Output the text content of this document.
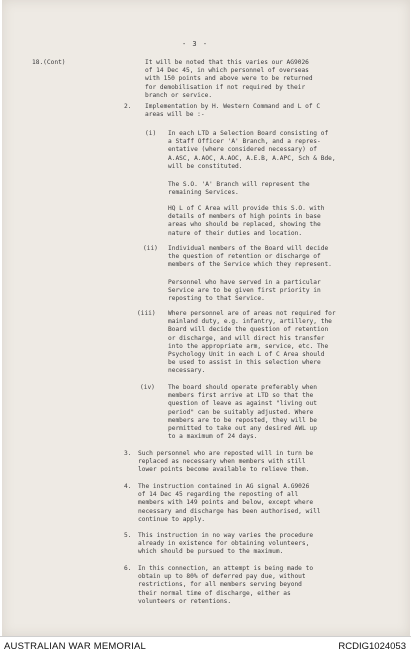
- 3 -
18.(Cont)	It will be noted that this varies our AG9026
of 14 Dec 45, in which personnel of overseas
with 150 points and above were to be returned
for demobilisation if not required by their
branch or service.
2. Implementation by H. Western Command and L of C
areas will be :-
(i) In each LTD a Selection Board consisting of
a Staff Officer 'A' Branch, and a repres-
entative (where considered necessary) of
A.ASC, A.AOC, A.AOC, A.E.B, A.APC, Sch & Bde,
will be constituted.
The S.O. 'A' Branch will represent the
remaining Services.
HQ L of C Area will provide this S.O. with
details of members of high points in base
areas who should be replaced, showing the
nature of their duties and location.
(ii) Individual members of the Board will decide
the question of retention or discharge of
members of the Service which they represent.
Personnel who have served in a particular
Service are to be given first priority in
reposting to that Service.
(iii) Where personnel are of areas not required for
mainland duty, e.g. infantry, artillery, the
Board will decide the question of retention
or discharge, and will direct his transfer
into the appropriate arm, service, etc. The
Psychology Unit in each L of C Area should
be used to assist in this selection where
necessary.
(iv) The board should operate preferably when
members first arrive at LTD so that the
question of leave as against "living out
period" can be suitably adjusted. Where
members are to be reposted, they will be
permitted to take out any desired AWL up
to a maximum of 24 days.
3. Such personnel who are reposted will in turn be
replaced as necessary when members with still
lower points become available to relieve them.
4. The instruction contained in AG signal A.G9026
of 14 Dec 45 regarding the reposting of all
members with 149 points and below, except where
necessary and discharge has been authorised, will
continue to apply.
5. This instruction in no way varies the procedure
already in existence for obtaining volunteers,
which should be pursued to the maximum.
6. In this connection, an attempt is being made to
obtain up to 80% of deferred pay due, without
restrictions, for all members serving beyond
their normal time of discharge, either as
volunteers or retentions.
AUSTRALIAN WAR MEMORIAL	RCDIG1024053
